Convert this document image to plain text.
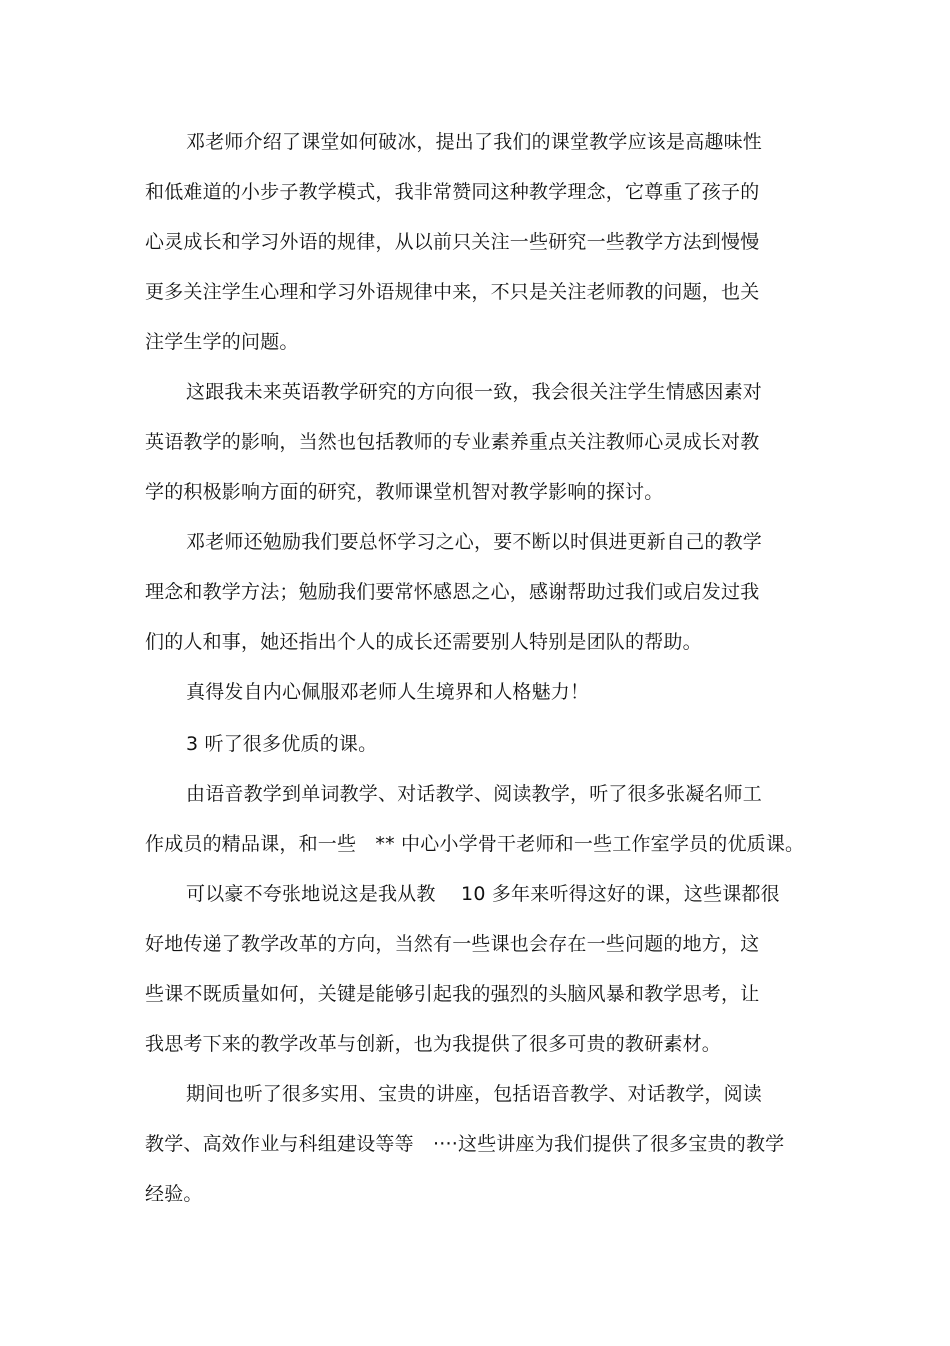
邓老师介绍了课堂如何破冰，提出了我们的课堂教学应该是高趣味性
和低难道的小步子教学模式，我非常赞同这种教学理念，它尊重了孩子的
心灵成长和学习外语的规律，从以前只关注一些研究一些教学方法到慢慢
更多关注学生心理和学习外语规律中来，不只是关注老师教的问题，也关
注学生学的问题。
这跟我未来英语教学研究的方向很一致，我会很关注学生情感因素对
英语教学的影响，当然也包括教师的专业素养重点关注教师心灵成长对教
学的积极影响方面的研究，教师课堂机智对教学影响的探讨。
邓老师还勉励我们要总怀学习之心，要不断以时俱进更新自己的教学
理念和教学方法；勉励我们要常怀感恩之心，感谢帮助过我们或启发过我
们的人和事，她还指出个人的成长还需要别人特别是团队的帮助。
真得发自内心佩服邓老师人生境界和人格魅力！
3 听了很多优质的课。
由语音教学到单词教学、对话教学、阅读教学，听了很多张凝名师工
作成员的精品课，和一些　** 中心小学骨干老师和一些工作室学员的优质课。
可以豪不夸张地说这是我从教　 10 多年来听得这好的课，这些课都很
好地传递了教学改革的方向，当然有一些课也会存在一些问题的地方，这
些课不既质量如何，关键是能够引起我的强烈的头脑风暴和教学思考，让
我思考下来的教学改革与创新，也为我提供了很多可贵的教研素材。
期间也听了很多实用、宝贵的讲座，包括语音教学、对话教学，阅读
教学、高效作业与科组建设等等　····这些讲座为我们提供了很多宝贵的教学
经验。
